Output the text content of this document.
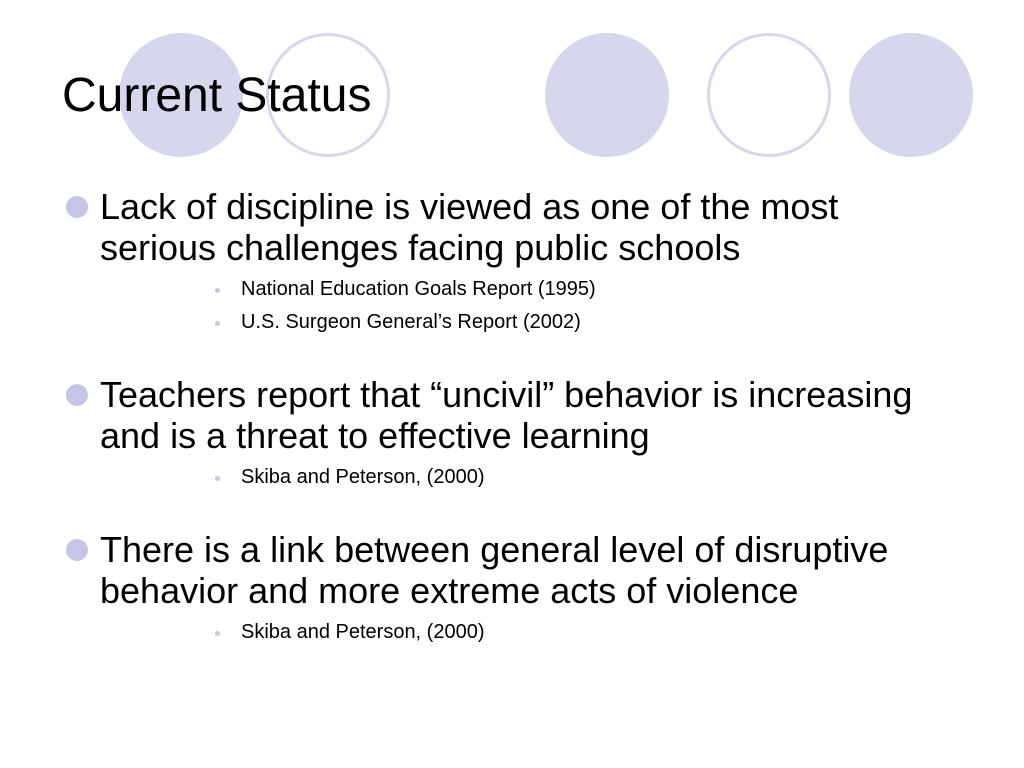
Current Status
Lack of discipline is viewed as one of the most serious challenges facing public schools
National Education Goals Report (1995)
U.S. Surgeon General’s Report (2002)
Teachers report that “uncivil” behavior is increasing and is a threat to effective learning
Skiba and Peterson, (2000)
There is a link between general level of disruptive behavior and more extreme acts of violence
Skiba and Peterson, (2000)
